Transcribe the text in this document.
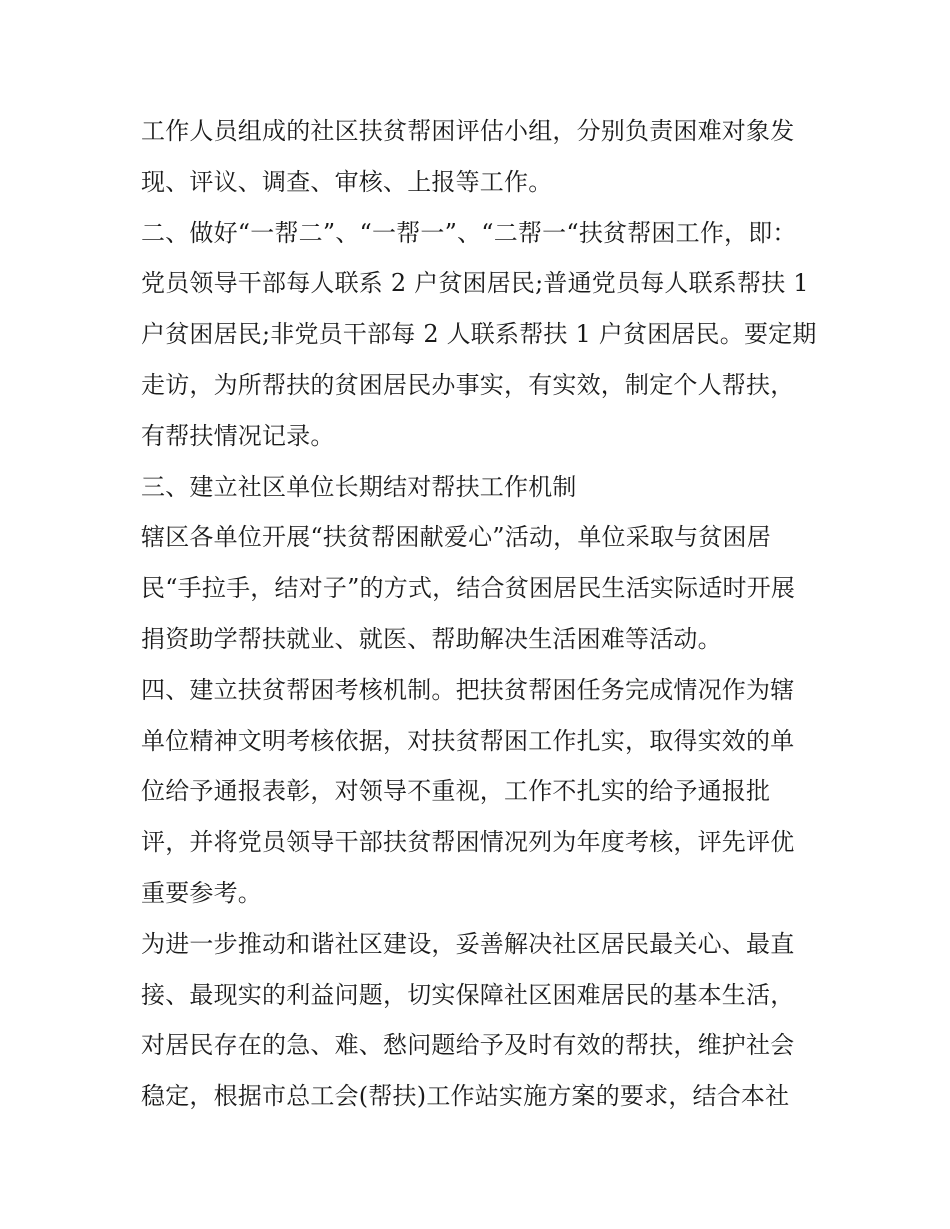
工作人员组成的社区扶贫帮困评估小组，分别负责困难对象发
现、评议、调查、审核、上报等工作。
二、做好“一帮二”、“一帮一”、“二帮一“扶贫帮困工作，即：
党员领导干部每人联系 2 户贫困居民;普通党员每人联系帮扶 1
户贫困居民;非党员干部每 2 人联系帮扶 1 户贫困居民。要定期
走访，为所帮扶的贫困居民办事实，有实效，制定个人帮扶，
有帮扶情况记录。
三、建立社区单位长期结对帮扶工作机制
辖区各单位开展“扶贫帮困献爱心”活动，单位采取与贫困居
民“手拉手，结对子”的方式，结合贫困居民生活实际适时开展
捐资助学帮扶就业、就医、帮助解决生活困难等活动。
四、建立扶贫帮困考核机制。把扶贫帮困任务完成情况作为辖
单位精神文明考核依据，对扶贫帮困工作扎实，取得实效的单
位给予通报表彰，对领导不重视，工作不扎实的给予通报批
评，并将党员领导干部扶贫帮困情况列为年度考核，评先评优
重要参考。
为进一步推动和谐社区建设，妥善解决社区居民最关心、最直
接、最现实的利益问题，切实保障社区困难居民的基本生活，
对居民存在的急、难、愁问题给予及时有效的帮扶，维护社会
稳定，根据市总工会(帮扶)工作站实施方案的要求，结合本社
